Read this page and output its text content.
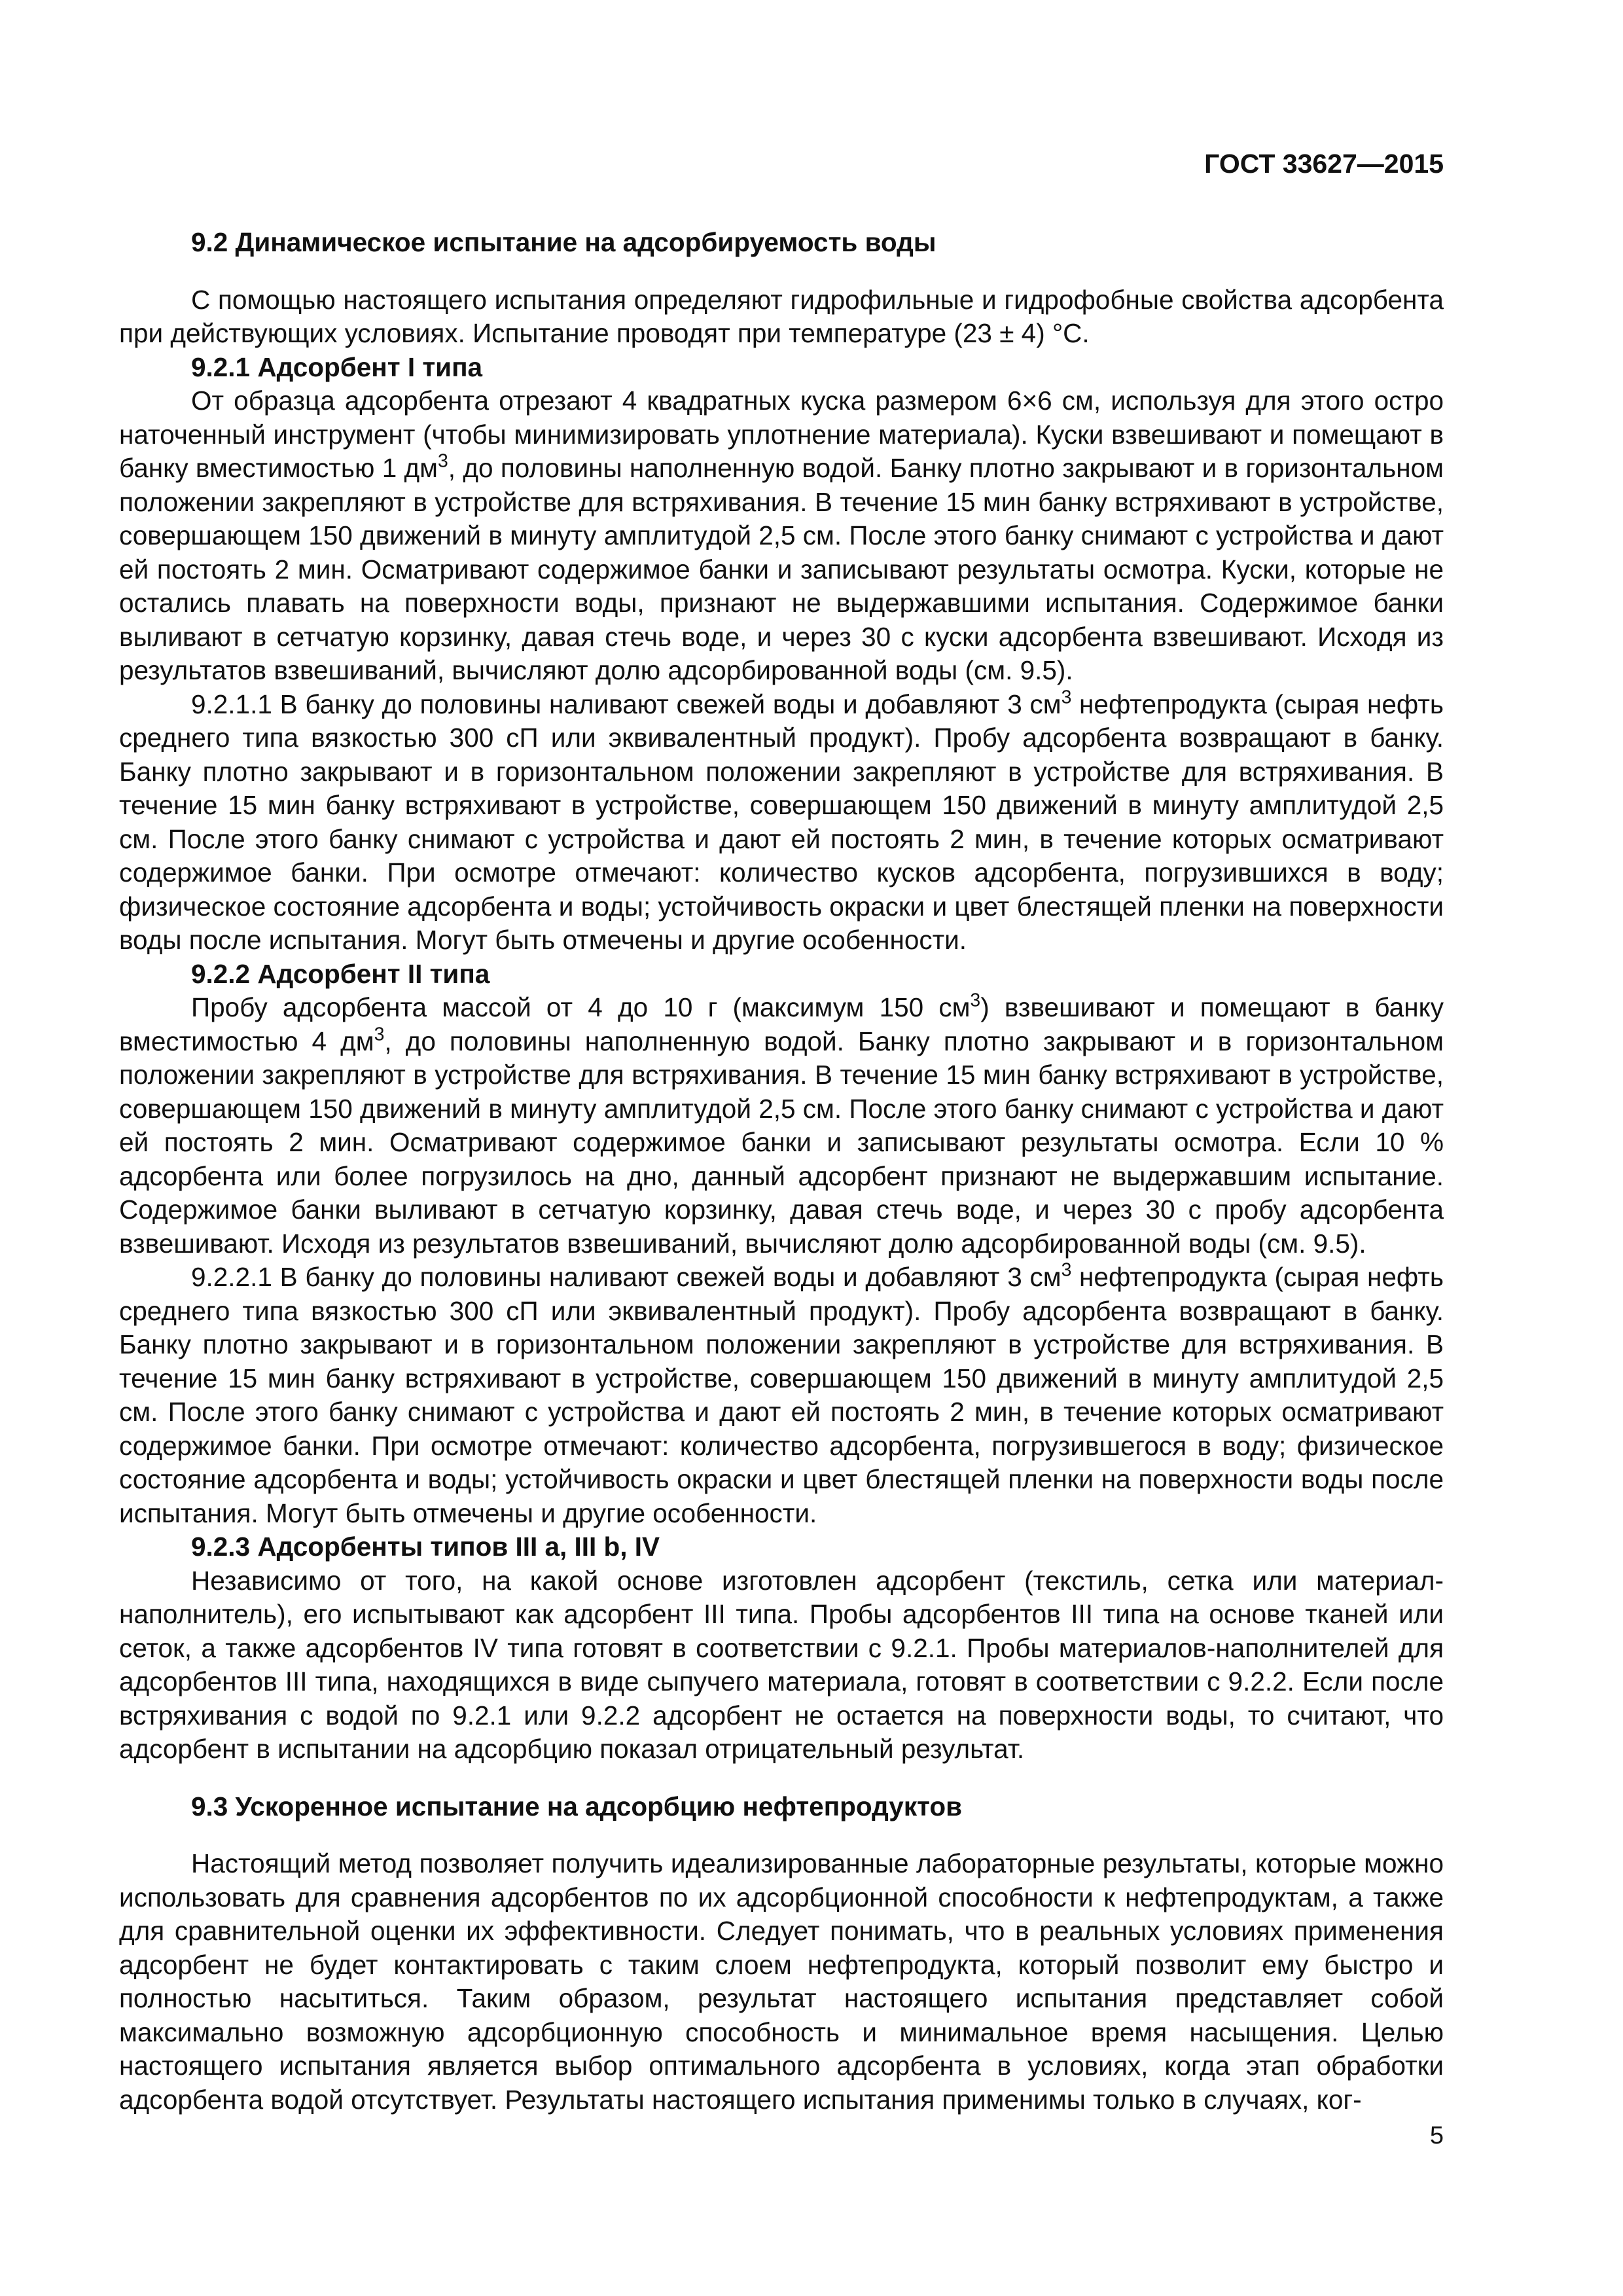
ГОСТ 33627—2015

9.2 Динамическое испытание на адсорбируемость воды

С помощью настоящего испытания определяют гидрофильные и гидрофобные свойства адсорбента при действующих условиях. Испытание проводят при температуре (23 ± 4) °С.

9.2.1 Адсорбент I типа

От образца адсорбента отрезают 4 квадратных куска размером 6×6 см, используя для этого остро наточенный инструмент (чтобы минимизировать уплотнение материала). Куски взвешивают и помещают в банку вместимостью 1 $дм^3$, до половины наполненную водой. Банку плотно закрывают и в горизонтальном положении закрепляют в устройстве для встряхивания. В течение 15 мин банку встряхивают в устройстве, совершающем 150 движений в минуту амплитудой 2,5 см. После этого банку снимают с устройства и дают ей постоять 2 мин. Осматривают содержимое банки и записывают результаты осмотра. Куски, которые не остались плавать на поверхности воды, признают не выдержавшими испытания. Содержимое банки выливают в сетчатую корзинку, давая стечь воде, и через 30 с куски адсорбента взвешивают. Исходя из результатов взвешиваний, вычисляют долю адсорбированной воды (см. 9.5).

9.2.1.1 В банку до половины наливают свежей воды и добавляют 3 $см^3$ нефтепродукта (сырая нефть среднего типа вязкостью 300 сП или эквивалентный продукт). Пробу адсорбента возвращают в банку. Банку плотно закрывают и в горизонтальном положении закрепляют в устройстве для встряхивания. В течение 15 мин банку встряхивают в устройстве, совершающем 150 движений в минуту амплитудой 2,5 см. После этого банку снимают с устройства и дают ей постоять 2 мин, в течение которых осматривают содержимое банки. При осмотре отмечают: количество кусков адсорбента, погрузившихся в воду; физическое состояние адсорбента и воды; устойчивость окраски и цвет блестящей пленки на поверхности воды после испытания. Могут быть отмечены и другие особенности.

9.2.2 Адсорбент II типа

Пробу адсорбента массой от 4 до 10 г (максимум 150 $см^3$) взвешивают и помещают в банку вместимостью 4 $дм^3$, до половины наполненную водой. Банку плотно закрывают и в горизонтальном положении закрепляют в устройстве для встряхивания. В течение 15 мин банку встряхивают в устройстве, совершающем 150 движений в минуту амплитудой 2,5 см. После этого банку снимают с устройства и дают ей постоять 2 мин. Осматривают содержимое банки и записывают результаты осмотра. Если 10 % адсорбента или более погрузилось на дно, данный адсорбент признают не выдержавшим испытание. Содержимое банки выливают в сетчатую корзинку, давая стечь воде, и через 30 с пробу адсорбента взвешивают. Исходя из результатов взвешиваний, вычисляют долю адсорбированной воды (см. 9.5).

9.2.2.1 В банку до половины наливают свежей воды и добавляют 3 $см^3$ нефтепродукта (сырая нефть среднего типа вязкостью 300 сП или эквивалентный продукт). Пробу адсорбента возвращают в банку. Банку плотно закрывают и в горизонтальном положении закрепляют в устройстве для встряхивания. В течение 15 мин банку встряхивают в устройстве, совершающем 150 движений в минуту амплитудой 2,5 см. После этого банку снимают с устройства и дают ей постоять 2 мин, в течение которых осматривают содержимое банки. При осмотре отмечают: количество адсорбента, погрузившегося в воду; физическое состояние адсорбента и воды; устойчивость окраски и цвет блестящей пленки на поверхности воды после испытания. Могут быть отмечены и другие особенности.

9.2.3 Адсорбенты типов III a, III b, IV

Независимо от того, на какой основе изготовлен адсорбент (текстиль, сетка или материал-наполнитель), его испытывают как адсорбент III типа. Пробы адсорбентов III типа на основе тканей или сеток, а также адсорбентов IV типа готовят в соответствии с 9.2.1. Пробы материалов-наполнителей для адсорбентов III типа, находящихся в виде сыпучего материала, готовят в соответствии с 9.2.2. Если после встряхивания с водой по 9.2.1 или 9.2.2 адсорбент не остается на поверхности воды, то считают, что адсорбент в испытании на адсорбцию показал отрицательный результат.

9.3 Ускоренное испытание на адсорбцию нефтепродуктов

Настоящий метод позволяет получить идеализированные лабораторные результаты, которые можно использовать для сравнения адсорбентов по их адсорбционной способности к нефтепродуктам, а также для сравнительной оценки их эффективности. Следует понимать, что в реальных условиях применения адсорбент не будет контактировать с таким слоем нефтепродукта, который позволит ему быстро и полностью насытиться. Таким образом, результат настоящего испытания представляет собой максимально возможную адсорбционную способность и минимальное время насыщения. Целью настоящего испытания является выбор оптимального адсорбента в условиях, когда этап обработки адсорбента водой отсутствует. Результаты настоящего испытания применимы только в случаях, ког-

5
